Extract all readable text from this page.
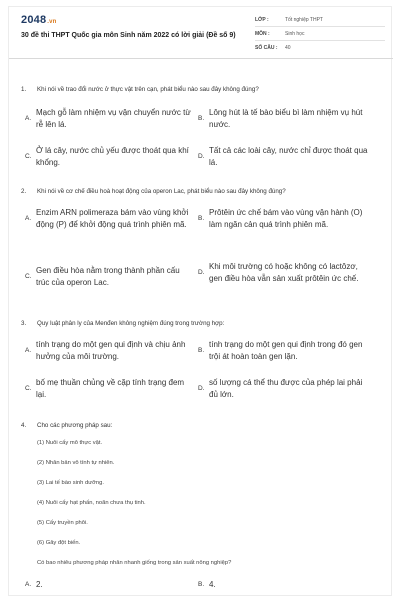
2048.vn
30 đề thi THPT Quốc gia môn Sinh năm 2022 có lời giải (Đề số 9)
LỚP :	Tốt nghiệp THPT
MÔN :	Sinh học
SỐ CÂU :	40
1.	Khi nói về trao đổi nước ở thực vật trên cạn, phát biểu nào sau đây không đúng?
A.
Mạch gỗ làm nhiệm vụ vận chuyển nước từ rễ lên lá.
B.
Lông hút là tế bào biểu bì làm nhiệm vụ hút nước.
C.
Ở lá cây, nước chủ yếu được thoát qua khí khổng.
D.
Tất cả các loài cây, nước chỉ được thoát qua lá.
2.	Khi nói về cơ chế điều hoà hoạt động của operon Lac, phát biểu nào sau đây không đúng?
A.
Enzim ARN polimeraza bám vào vùng khởi động (P) để khởi động quá trình phiên mã.
B.
Prôtêin ức chế bám vào vùng vận hành (O) làm ngăn cản quá trình phiên mã.
C.
Gen điều hòa nằm trong thành phần cấu trúc của operon Lac.
D.
Khi môi trường có hoặc không có lactôzơ, gen điều hòa vẫn sản xuất prôtêin ức chế.
3.	Quy luật phân ly của Menđen không nghiệm đúng trong trường hợp:
A.
tính trạng do một gen qui định và chịu ảnh hưởng của môi trường.
B.
tính trạng do một gen qui định trong đó gen trội át hoàn toàn gen lặn.
C.
bố mẹ thuần chủng về cặp tính trạng đem lại.
D.
số lượng cá thể thu được của phép lai phải đủ lớn.
4.	Cho các phương pháp sau:
(1) Nuôi cấy mô thực vật.
(2) Nhân bản vô tính tự nhiên.
(3) Lai tế bào sinh dưỡng.
(4) Nuôi cấy hạt phấn, noãn chưa thụ tinh.
(5) Cấy truyền phôi.
(6) Gây đột biến.
Có bao nhiêu phương pháp nhân nhanh giống trong sản xuất nông nghiệp?
A. 2.	B. 4.
